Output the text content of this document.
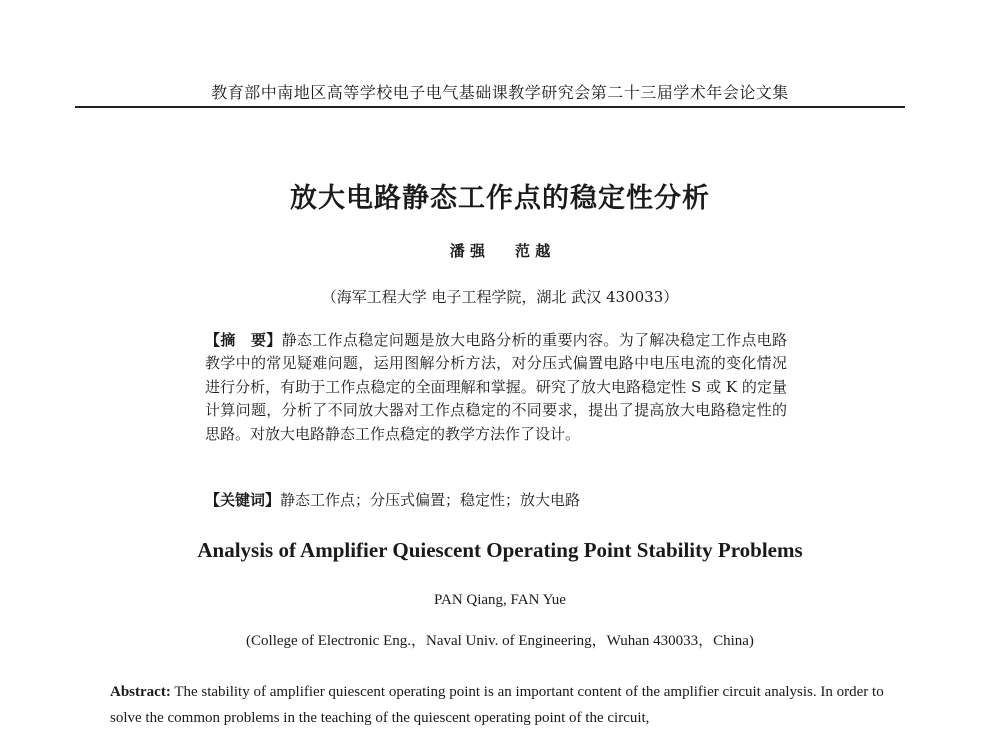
教育部中南地区高等学校电子电气基础课教学研究会第二十三届学术年会论文集
放大电路静态工作点的稳定性分析
潘 强　　范 越
（海军工程大学 电子工程学院，湖北 武汉 430033）
【摘　要】静态工作点稳定问题是放大电路分析的重要内容。为了解决稳定工作点电路教学中的常见疑难问题，运用图解分析方法，对分压式偏置电路中电压电流的变化情况进行分析，有助于工作点稳定的全面理解和掌握。研究了放大电路稳定性 S 或 K 的定量计算问题，分析了不同放大器对工作点稳定的不同要求，提出了提高放大电路稳定性的思路。对放大电路静态工作点稳定的教学方法作了设计。
【关键词】静态工作点；分压式偏置；稳定性；放大电路
Analysis of Amplifier Quiescent Operating Point Stability Problems
PAN Qiang, FAN Yue
(College of Electronic Eng.，Naval Univ. of Engineering，Wuhan 430033，China)
Abstract: The stability of amplifier quiescent operating point is an important content of the amplifier circuit analysis. In order to solve the common problems in the teaching of the quiescent operating point of the circuit,
